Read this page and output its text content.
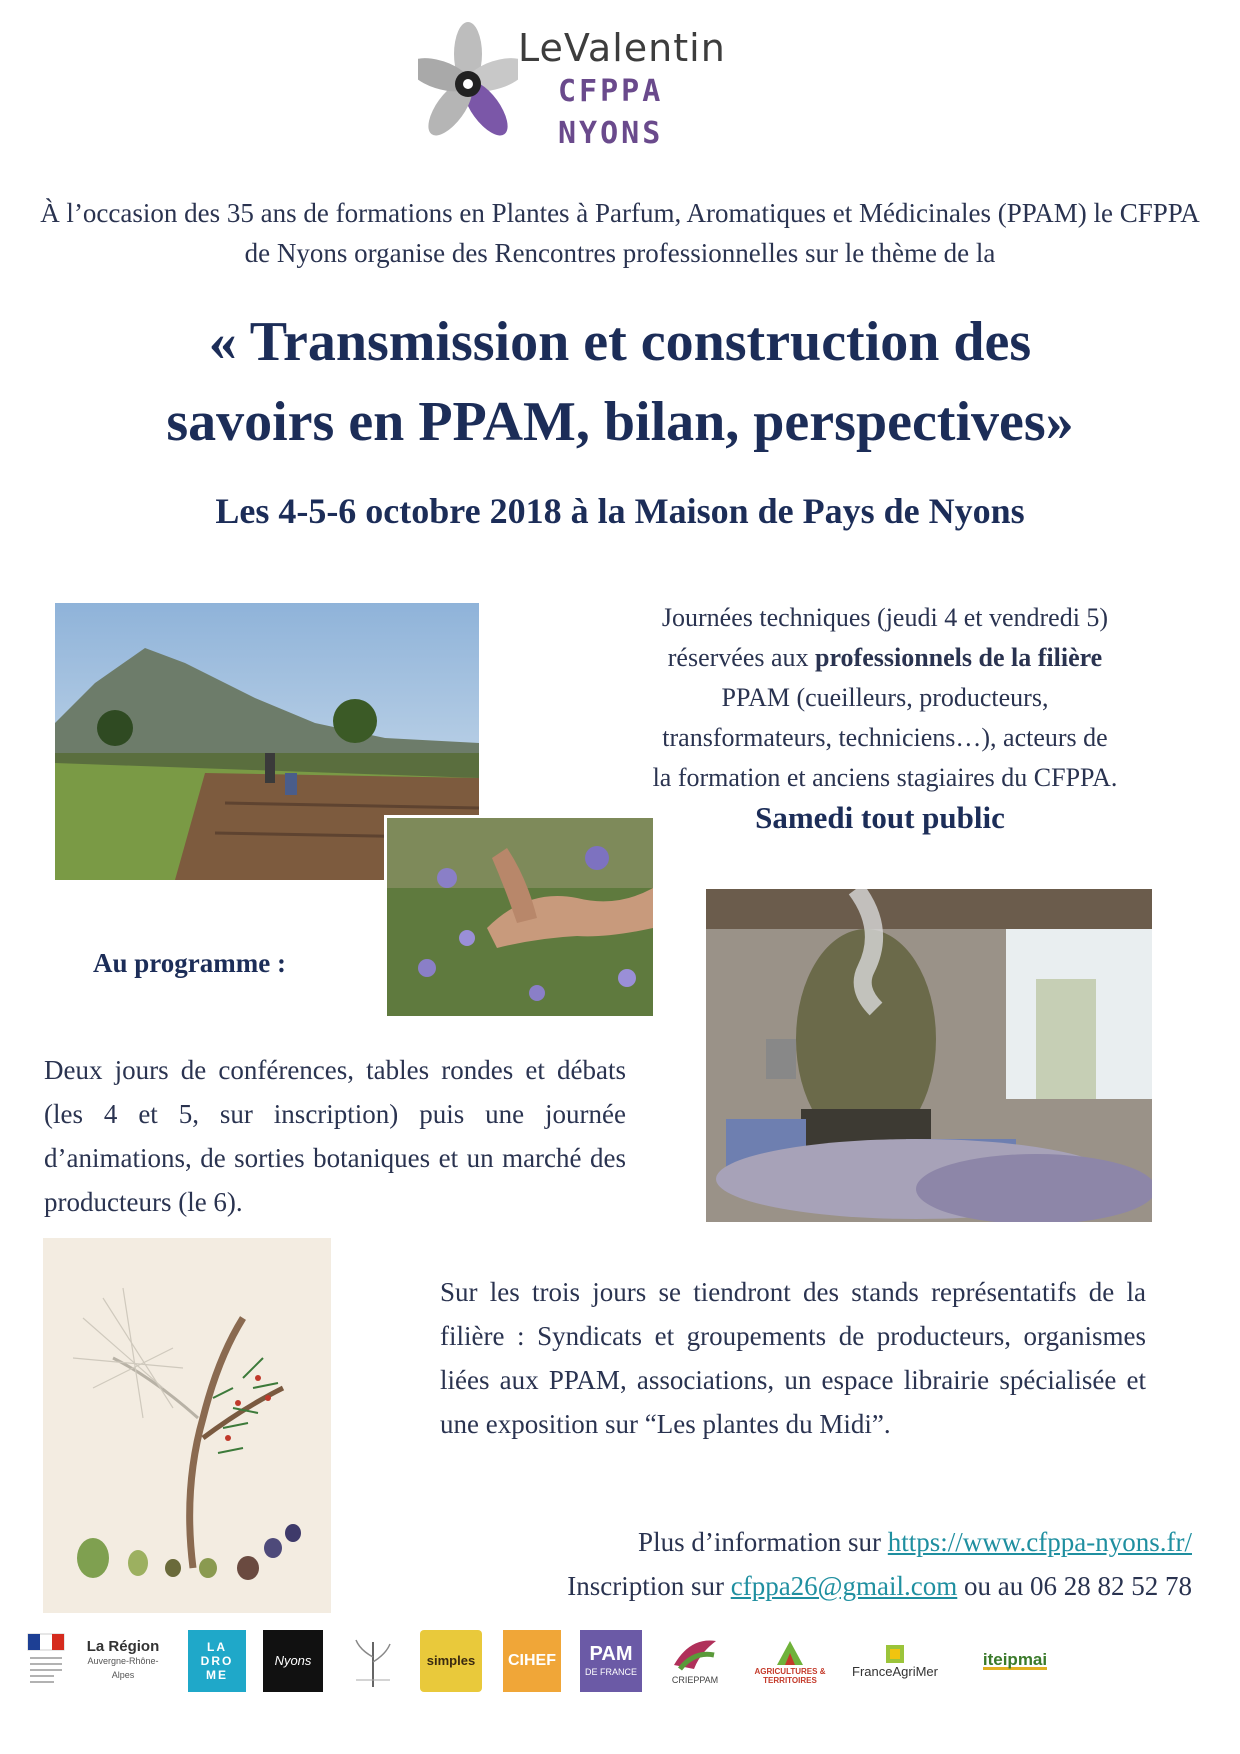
LeValentin
CFPPA
NYONS
À l’occasion des 35 ans de formations en Plantes à Parfum, Aromatiques et Médicinales (PPAM) le CFPPA de Nyons organise des Rencontres professionnelles sur le thème de la
« Transmission et construction des
savoirs en PPAM, bilan, perspectives»
Les 4-5-6 octobre 2018 à la Maison de Pays de Nyons
Journées techniques (jeudi 4 et vendredi 5)
réservées aux professionnels de la filière
PPAM (cueilleurs, producteurs,
transformateurs, techniciens…), acteurs de
la formation et anciens stagiaires du CFPPA.
Samedi tout public
Au programme :
Deux jours de conférences, tables rondes et débats (les 4 et 5, sur inscription) puis une journée d’animations, de sorties botaniques et un marché des producteurs (le 6).
Sur les trois jours se tiendront des stands représentatifs de la filière : Syndicats et groupements de producteurs, organismes liées aux PPAM, associations, un espace librairie spécialisée et une exposition sur “Les plantes du Midi”.
Plus d’information sur https://www.cfppa-nyons.fr/
Inscription sur cfppa26@gmail.com ou au 06 28 82 52 78
La Région
Auvergne-Rhône-Alpes
LA DRO ME
Nyons	simples CIHEF PAM
DE FRANCE
CRIEPPAM
AGRICULTURES & TERRITOIRES
FranceAgriMer
iteipmai
